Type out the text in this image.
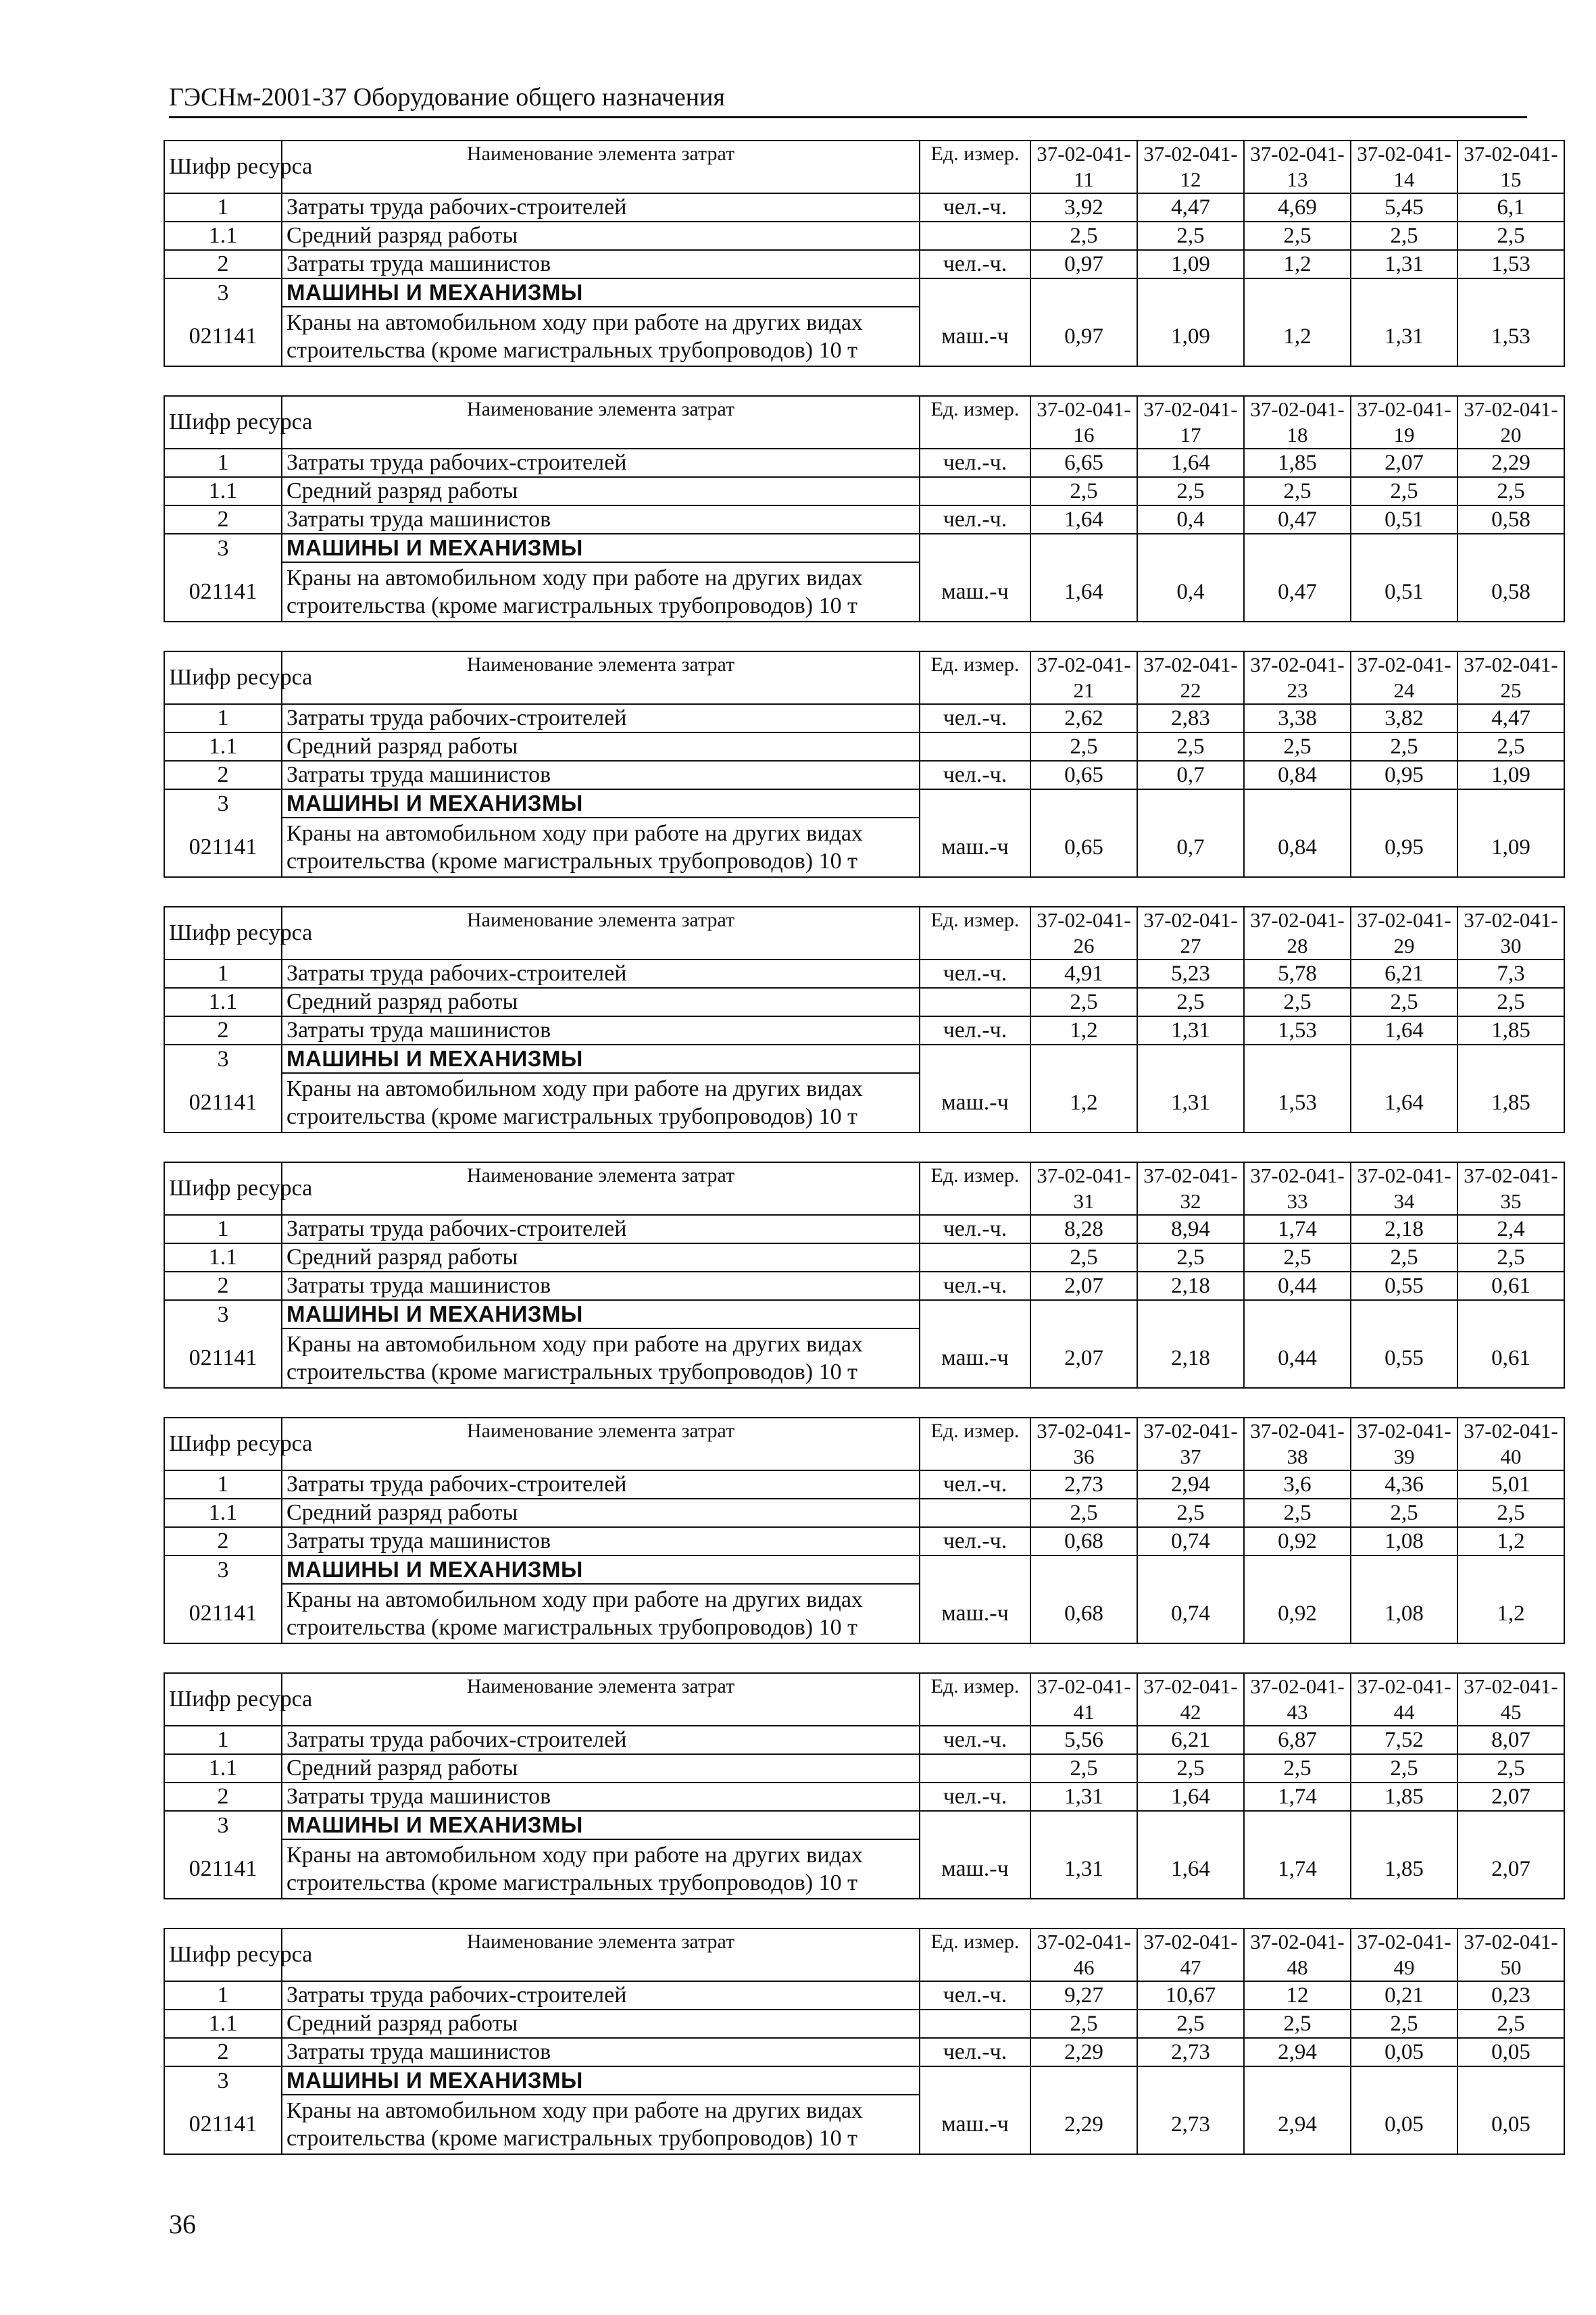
ГЭСНм-2001-37 Оборудование общего назначения
Шифр ресурса	Наименование элемента затрат	Ед. измер.	37-02-041-11	37-02-041-12	37-02-041-13	37-02-041-14	37-02-041-15
1	Затраты труда рабочих-строителей	чел.-ч.	3,92	4,47	4,69	5,45	6,1
1.1	Средний разряд работы		2,5	2,5	2,5	2,5	2,5
2	Затраты труда машинистов	чел.-ч.	0,97	1,09	1,2	1,31	1,53
3	МАШИНЫ И МЕХАНИЗМЫ						
021141	Краны на автомобильном ходу при работе на других видах строительства (кроме магистральных трубопроводов) 10 т	маш.-ч	0,97	1,09	1,2	1,31	1,53
Шифр ресурса	Наименование элемента затрат	Ед. измер.	37-02-041-16	37-02-041-17	37-02-041-18	37-02-041-19	37-02-041-20
1	Затраты труда рабочих-строителей	чел.-ч.	6,65	1,64	1,85	2,07	2,29
1.1	Средний разряд работы		2,5	2,5	2,5	2,5	2,5
2	Затраты труда машинистов	чел.-ч.	1,64	0,4	0,47	0,51	0,58
3	МАШИНЫ И МЕХАНИЗМЫ						
021141	Краны на автомобильном ходу при работе на других видах строительства (кроме магистральных трубопроводов) 10 т	маш.-ч	1,64	0,4	0,47	0,51	0,58
Шифр ресурса	Наименование элемента затрат	Ед. измер.	37-02-041-21	37-02-041-22	37-02-041-23	37-02-041-24	37-02-041-25
1	Затраты труда рабочих-строителей	чел.-ч.	2,62	2,83	3,38	3,82	4,47
1.1	Средний разряд работы		2,5	2,5	2,5	2,5	2,5
2	Затраты труда машинистов	чел.-ч.	0,65	0,7	0,84	0,95	1,09
3	МАШИНЫ И МЕХАНИЗМЫ						
021141	Краны на автомобильном ходу при работе на других видах строительства (кроме магистральных трубопроводов) 10 т	маш.-ч	0,65	0,7	0,84	0,95	1,09
Шифр ресурса	Наименование элемента затрат	Ед. измер.	37-02-041-26	37-02-041-27	37-02-041-28	37-02-041-29	37-02-041-30
1	Затраты труда рабочих-строителей	чел.-ч.	4,91	5,23	5,78	6,21	7,3
1.1	Средний разряд работы		2,5	2,5	2,5	2,5	2,5
2	Затраты труда машинистов	чел.-ч.	1,2	1,31	1,53	1,64	1,85
3	МАШИНЫ И МЕХАНИЗМЫ						
021141	Краны на автомобильном ходу при работе на других видах строительства (кроме магистральных трубопроводов) 10 т	маш.-ч	1,2	1,31	1,53	1,64	1,85
Шифр ресурса	Наименование элемента затрат	Ед. измер.	37-02-041-31	37-02-041-32	37-02-041-33	37-02-041-34	37-02-041-35
1	Затраты труда рабочих-строителей	чел.-ч.	8,28	8,94	1,74	2,18	2,4
1.1	Средний разряд работы		2,5	2,5	2,5	2,5	2,5
2	Затраты труда машинистов	чел.-ч.	2,07	2,18	0,44	0,55	0,61
3	МАШИНЫ И МЕХАНИЗМЫ						
021141	Краны на автомобильном ходу при работе на других видах строительства (кроме магистральных трубопроводов) 10 т	маш.-ч	2,07	2,18	0,44	0,55	0,61
Шифр ресурса	Наименование элемента затрат	Ед. измер.	37-02-041-36	37-02-041-37	37-02-041-38	37-02-041-39	37-02-041-40
1	Затраты труда рабочих-строителей	чел.-ч.	2,73	2,94	3,6	4,36	5,01
1.1	Средний разряд работы		2,5	2,5	2,5	2,5	2,5
2	Затраты труда машинистов	чел.-ч.	0,68	0,74	0,92	1,08	1,2
3	МАШИНЫ И МЕХАНИЗМЫ						
021141	Краны на автомобильном ходу при работе на других видах строительства (кроме магистральных трубопроводов) 10 т	маш.-ч	0,68	0,74	0,92	1,08	1,2
Шифр ресурса	Наименование элемента затрат	Ед. измер.	37-02-041-41	37-02-041-42	37-02-041-43	37-02-041-44	37-02-041-45
1	Затраты труда рабочих-строителей	чел.-ч.	5,56	6,21	6,87	7,52	8,07
1.1	Средний разряд работы		2,5	2,5	2,5	2,5	2,5
2	Затраты труда машинистов	чел.-ч.	1,31	1,64	1,74	1,85	2,07
3	МАШИНЫ И МЕХАНИЗМЫ						
021141	Краны на автомобильном ходу при работе на других видах строительства (кроме магистральных трубопроводов) 10 т	маш.-ч	1,31	1,64	1,74	1,85	2,07
Шифр ресурса	Наименование элемента затрат	Ед. измер.	37-02-041-46	37-02-041-47	37-02-041-48	37-02-041-49	37-02-041-50
1	Затраты труда рабочих-строителей	чел.-ч.	9,27	10,67	12	0,21	0,23
1.1	Средний разряд работы		2,5	2,5	2,5	2,5	2,5
2	Затраты труда машинистов	чел.-ч.	2,29	2,73	2,94	0,05	0,05
3	МАШИНЫ И МЕХАНИЗМЫ						
021141	Краны на автомобильном ходу при работе на других видах строительства (кроме магистральных трубопроводов) 10 т	маш.-ч	2,29	2,73	2,94	0,05	0,05
36
